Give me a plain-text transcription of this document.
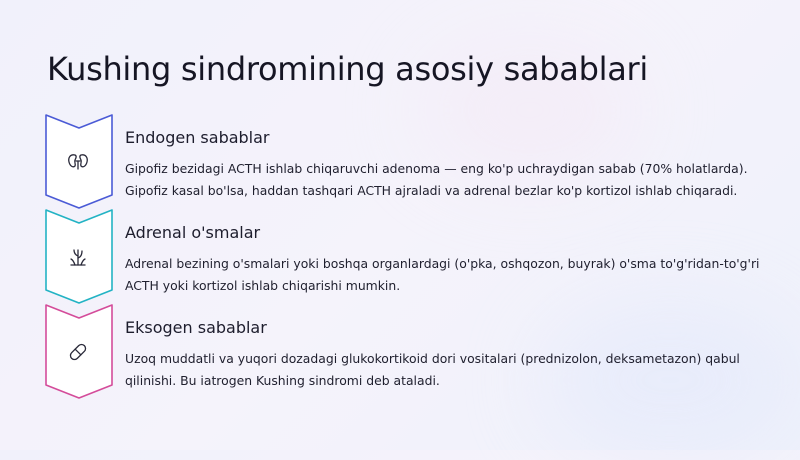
Kushing sindromining asosiy sabablari
Endogen sabablar
Gipofiz bezidagi ACTH ishlab chiqaruvchi adenoma — eng ko'p uchraydigan sabab (70% holatlarda). Gipofiz kasal bo'lsa, haddan tashqari ACTH ajraladi va adrenal bezlar ko'p kortizol ishlab chiqaradi.
Adrenal o'smalar
Adrenal bezining o'smalari yoki boshqa organlardagi (o'pka, oshqozon, buyrak) o'sma to'g'ridan-to'g'ri ACTH yoki kortizol ishlab chiqarishi mumkin.
Eksogen sabablar
Uzoq muddatli va yuqori dozadagi glukokortikoid dori vositalari (prednizolon, deksametazon) qabul qilinishi. Bu iatrogen Kushing sindromi deb ataladi.
